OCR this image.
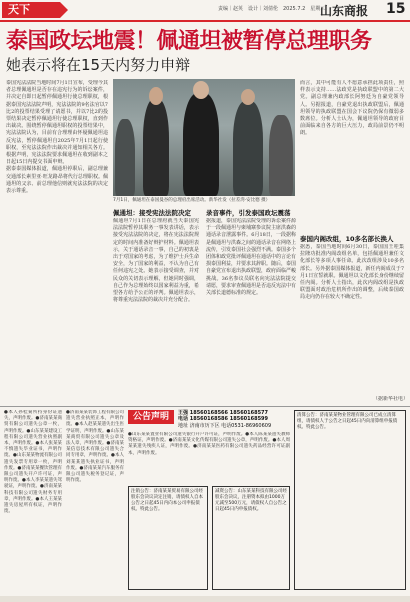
天下	责编｜赵英　设计｜刘倩伦　2025.7.2　星期三
山东商报 15
泰国政坛地震！佩通坦被暂停总理职务
她表示将在15天内努力申辩
泰国宪法法院当地时间7月1日宣布，受理今其者总理佩通坦是否存在违宪行为的诉讼案件，并决定自即日起暂停佩通坦行使总理职权，根据泰国宪法法院声明，宪法法院的9名法官以7比2的投票结果受理了请愿书，并以7比2的投票结果决定暂停佩通坦行使总理职权，直到作出裁决。围绕暂停佩通坦职权的投票结果中，宪法法院认为，目前有合理理由怀疑佩通坦违反宪法，暂停佩通坦自2025年7月1日起行使职权，至宪法法院作出裁决并通知相关各方。根据声明，宪法法院要求佩通坦在收到副本之日起15日内提交书面申辩。
据泰泰国媒体报道，佩通坦停职后，副总理兼交通部长素里亚·旺龙路昂将代行总理职权。佩通坦的父亲、前总理他信则就宪法法院的决定表示尊重。
7月1日，佩通坦在泰国曼谷的总理府出席活动。新华社发（拉差湾·安比德 摄）
而言，其中可能有人不愿意承担此项责任，照样表示支持……法政党是执政联盟中的第二大党。副总理兼内政部长阿努廷为自豪党领导人。另据报道，自豪党退出执政联盟后，佩通坦领导的执政联盟在国会下议院仍保有微弱多数席位。分析人士认为，佩通坦领导的政府目前面临来自各方的巨大压力，政局前景仍不明朗。
佩通坦：接受宪法法院决定
佩通坦7月1日在总理府就当天泰国宪法法院暂停其职务一事发表讲话，表示接受宪法法院的决定，将在宪法法院规定的时间内准备好辩护材料。佩通坦表示，关于通话录音一事，自己的初衷是出于对国家的考虑，为了维护士兵生命安全，为了国家的利益，不认为自己有任何违宪之处。她表示接受调查，并对民众的关切表示理解，但她同时强调，自己作为总理始终以国家利益为重，希望各方给予公正的评判。佩通坦表示，将尊重宪法法院的裁决并充分配合。
录音事件，引发泰国政坛震荡
据报道，泰国宪法法院受理的诉讼案件源于一段佩通坦与柬埔寨参议院主席洪森的通话录音泄露事件。6月18日，一段据称是佩通坦与洪森之间的通话录音在网络上流传，引发泰国社会强烈不满。泰国多个团体和政党批评佩通坦在通话中的言论有损泰国利益，并要求其辞职。随后，泰国自豪党宣布退出执政联盟，政府面临严峻挑战。36名参议员联名向宪法法院提交请愿，要求审查佩通坦是否违反宪法中有关部长道德标准的规定。
泰国内阁改组，10多名部长换人
据悉，泰国当地时间6月30日，泰国国王哇集拉隆功批准内阁改组名单，包括佩通坦兼任文化部长等多项人事任命。此次改组涉及10多名部长。另外据泰国媒体报道，新任内阁成员于7月1日宣誓就职。佩通坦以文化部长身份继续留任内阁。分析人士指出，此次内阁改组是执政联盟面对政治危机所作出的调整，后续泰国政局走向仍存在较大不确定性。
（据新华社电）
●本人孙桂菊所持身份证遗失，声明作废。●济南某某商贸有限公司遗失公章一枚，声明作废。●山东某某建设工程有限公司遗失营业执照副本，声明作废。●本人张某某不慎遗失毕业证书，声明作废。●山东某某物流有限公司遗失发票专用章一枚，声明作废。●济南某某餐饮管理有限公司遗失开户许可证，声明作废。●本人李某某遗失驾驶证，声明作废。●济南某某科技有限公司遗失财务专用章，声明作废。●本人王某某遗失房屋所有权证，声明作废。
●济南某某装饰工程有限公司遗失营业执照正本，声明作废。●本人赵某某遗失出生医学证明，声明作废。●山东某某商贸有限公司遗失公章及法人章，声明作废。●济南某某信息技术有限公司遗失合同专用章，声明作废。●本人刘某某遗失执业证书，声明作废。●济南某某汽车服务有限公司遗失税务登记证，声明作废。
公告声明	王强 18560168566 18560168577
电话 18560168586 18560168599
地址 济南市历下区 电话0531-86960609
●山东某某置业有限公司遗失银行开户许可证，声明作废。●本人陈某某遗失教师资格证，声明作废。●济南某某文化传媒有限公司遗失公章，声明作废。●本人周某某遗失残疾人证，声明作废。●济南某某医药有限公司遗失药品经营许可证副本，声明作废。
注销公告：济南某某贸易有限公司经股东会决议决定注销，请债权人自本公告之日起45日内向本公司申报债权。特此公告。
减资公告：山东某某科技有限公司经股东会决议，注册资本拟由1000万元减至500万元，请债权人自公告之日起45日内申报债权。
清算公告：济南某某物业管理有限公司已成立清算组，请债权人于公告之日起45日内向清算组申报债权。特此公告。
